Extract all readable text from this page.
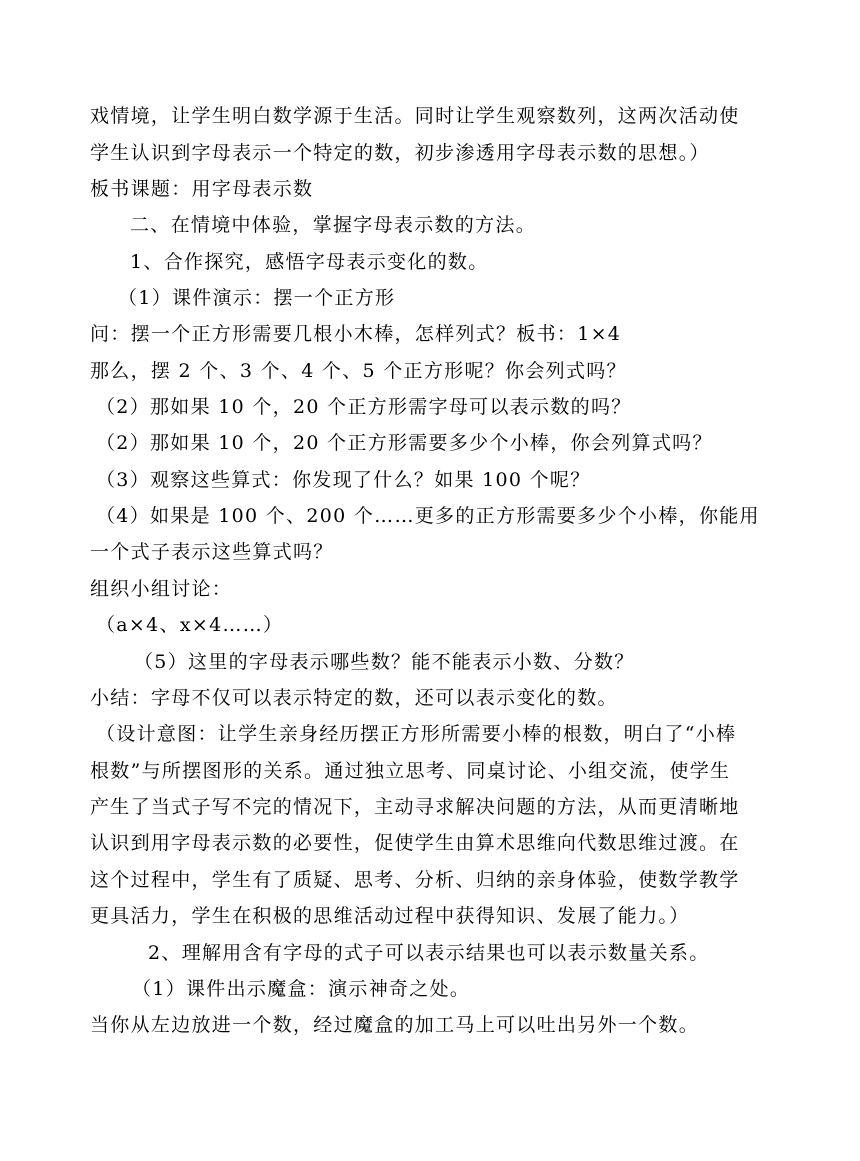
戏情境，让学生明白数学源于生活。同时让学生观察数列，这两次活动使
学生认识到字母表示一个特定的数，初步渗透用字母表示数的思想。）
板书课题：用字母表示数
二、在情境中体验，掌握字母表示数的方法。
1、合作探究，感悟字母表示变化的数。
（1）课件演示：摆一个正方形
问：摆一个正方形需要几根小木棒，怎样列式？板书：1×4
那么，摆 2 个、3 个、4 个、5 个正方形呢？你会列式吗？
（2）那如果 10 个，20 个正方形需字母可以表示数的吗？
（2）那如果 10 个，20 个正方形需要多少个小棒，你会列算式吗？
（3）观察这些算式：你发现了什么？如果 100 个呢？
（4）如果是 100 个、200 个……更多的正方形需要多少个小棒，你能用
一个式子表示这些算式吗？
组织小组讨论：
（a×4、x×4……）
（5）这里的字母表示哪些数？能不能表示小数、分数？
小结：字母不仅可以表示特定的数，还可以表示变化的数。
（设计意图：让学生亲身经历摆正方形所需要小棒的根数，明白了“小棒
根数”与所摆图形的关系。通过独立思考、同桌讨论、小组交流，使学生
产生了当式子写不完的情况下，主动寻求解决问题的方法，从而更清晰地
认识到用字母表示数的必要性，促使学生由算术思维向代数思维过渡。在
这个过程中，学生有了质疑、思考、分析、归纳的亲身体验，使数学教学
更具活力，学生在积极的思维活动过程中获得知识、发展了能力。）
2、理解用含有字母的式子可以表示结果也可以表示数量关系。
（1）课件出示魔盒：演示神奇之处。
当你从左边放进一个数，经过魔盒的加工马上可以吐出另外一个数。
